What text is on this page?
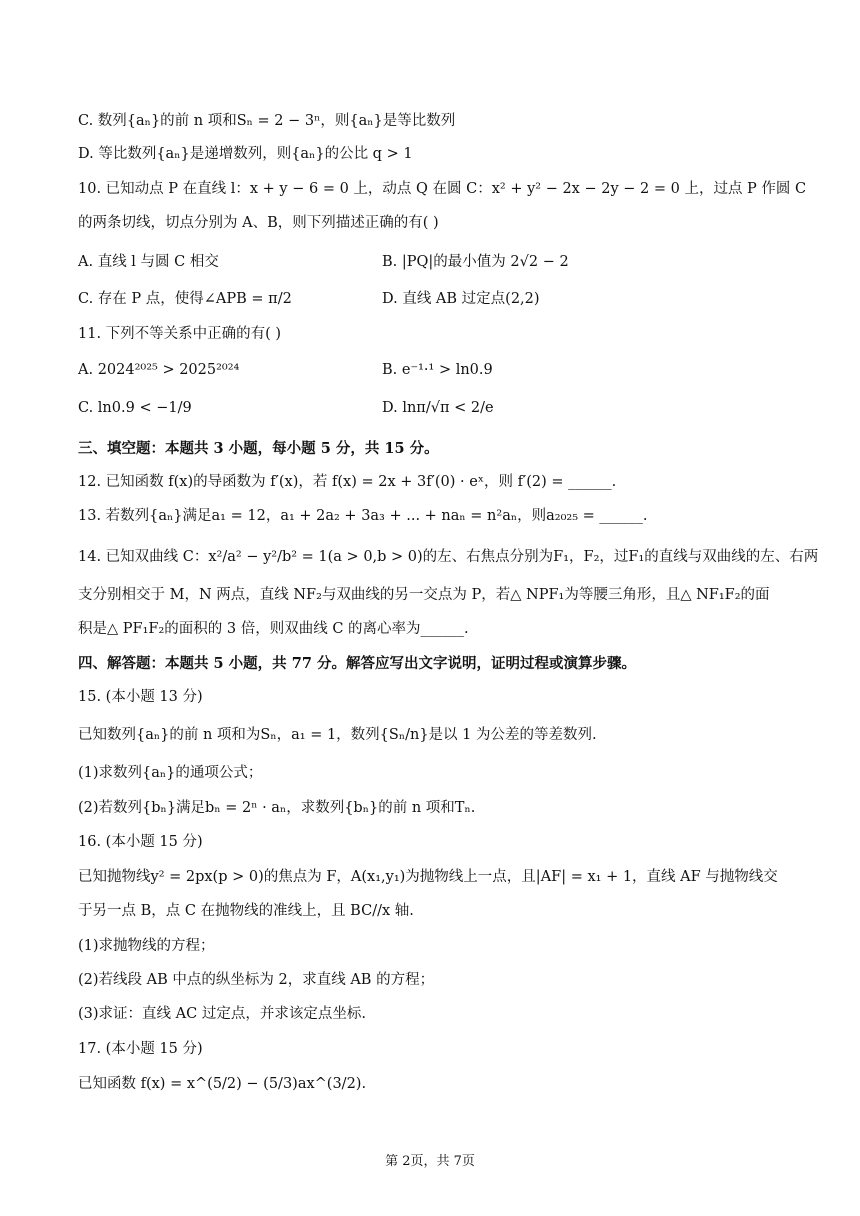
C. 数列{aₙ}的前 n 项和Sₙ = 2 − 3ⁿ，则{aₙ}是等比数列
D. 等比数列{aₙ}是递增数列，则{aₙ}的公比 q > 1
10. 已知动点 P 在直线 l：x + y − 6 = 0 上，动点 Q 在圆 C：x² + y² − 2x − 2y − 2 = 0 上，过点 P 作圆 C
的两条切线，切点分别为 A、B，则下列描述正确的有( )
A. 直线 l 与圆 C 相交	B. |PQ|的最小值为 2√2 − 2
C. 存在 P 点，使得∠APB = π/2	D. 直线 AB 过定点(2,2)
11. 下列不等关系中正确的有( )
A. 2024²⁰²⁵ > 2025²⁰²⁴	B. e⁻¹·¹ > ln0.9
C. ln0.9 < −1/9	D. lnπ/√π < 2/e
三、填空题：本题共 3 小题，每小题 5 分，共 15 分。
12. 已知函数 f(x)的导函数为 f′(x)，若 f(x) = 2x + 3f′(0) · eˣ，则 f′(2) = ______.
13. 若数列{aₙ}满足a₁ = 12，a₁ + 2a₂ + 3a₃ + ... + naₙ = n²aₙ，则a₂₀₂₅ = ______.
14. 已知双曲线 C：x²/a² − y²/b² = 1(a > 0,b > 0)的左、右焦点分别为F₁，F₂，过F₁的直线与双曲线的左、右两
支分别相交于 M，N 两点，直线 NF₂与双曲线的另一交点为 P，若△ NPF₁为等腰三角形，且△ NF₁F₂的面
积是△ PF₁F₂的面积的 3 倍，则双曲线 C 的离心率为______.
四、解答题：本题共 5 小题，共 77 分。解答应写出文字说明，证明过程或演算步骤。
15. (本小题 13 分)
已知数列{aₙ}的前 n 项和为Sₙ，a₁ = 1，数列{Sₙ/n}是以 1 为公差的等差数列.
(1)求数列{aₙ}的通项公式；
(2)若数列{bₙ}满足bₙ = 2ⁿ · aₙ，求数列{bₙ}的前 n 项和Tₙ.
16. (本小题 15 分)
已知抛物线y² = 2px(p > 0)的焦点为 F，A(x₁,y₁)为抛物线上一点，且|AF| = x₁ + 1，直线 AF 与抛物线交
于另一点 B，点 C 在抛物线的准线上，且 BC//x 轴.
(1)求抛物线的方程；
(2)若线段 AB 中点的纵坐标为 2，求直线 AB 的方程；
(3)求证：直线 AC 过定点，并求该定点坐标.
17. (本小题 15 分)
已知函数 f(x) = x^(5/2) − (5/3)ax^(3/2).
第 2页，共 7页
